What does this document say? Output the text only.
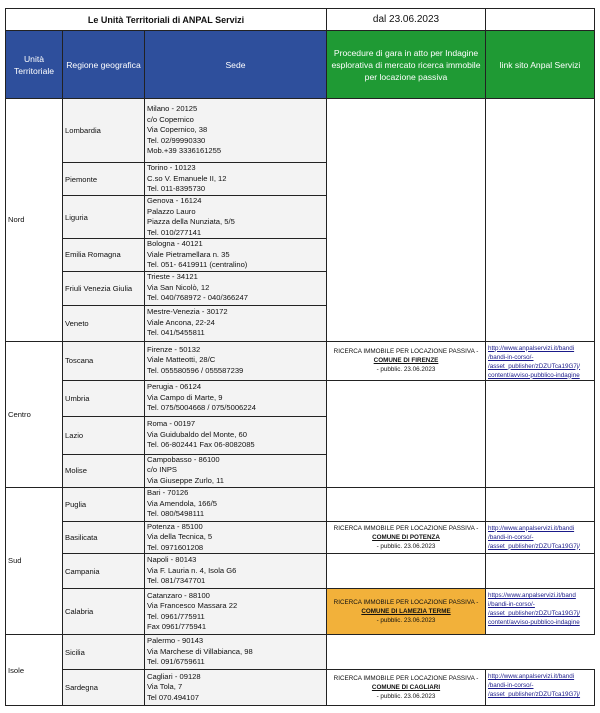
Le Unità Territoriali di ANPAL Servizi			dal 23.06.2023	
Unità Territoriale	Regione geografica	Sede	Procedure di gara in atto per Indagine esplorativa di mercato ricerca immobile per locazione passiva	link sito Anpal Servizi
Nord	Lombardia	Milano - 20125
c/o Copernico
Via Copernico, 38
Tel. 02/99990330
Mob.+39 3336161255		

	Piemonte	Torino - 10123
C.so V. Emanuele II, 12
Tel. 011-8395730		

	Liguria	Genova - 16124
Palazzo Lauro
Piazza della Nunziata, 5/5
Tel. 010/277141		

	Emilia Romagna	Bologna - 40121
Viale Pietramellara n. 35
Tel. 051- 6419911 (centralino)		

	Friuli Venezia Giulia	Trieste - 34121
Via San Nicolò, 12
Tel. 040/768972 - 040/366247		

	Veneto	Mestre-Venezia - 30172
Viale Ancona, 22-24
Tel. 041/5455811		

Centro	Toscana	Firenze - 50132
Viale Matteotti, 28/C
Tel. 055580596 / 055587239	RICERCA IMMOBILE PER LOCAZIONE PASSIVA -
COMUNE DI FIRENZE
- pubblic. 23.06.2023	http://www.anpalservizi.it/bandi
/bandi-in-corso/-
/asset_publisher/zDZUTca19G7j/
content/avviso-pubblico-indagine

	Umbria	Perugia - 06124
Via Campo di Marte, 9
Tel. 075/5004668 / 075/5006224		

	Lazio	Roma - 00197
Via Guidubaldo del Monte, 60
Tel. 06-802441 Fax 06-8082085		

	Molise	Campobasso - 86100
c/o INPS
Via Giuseppe Zurlo, 11		

Sud	Puglia	Bari - 70126
Via Amendola, 166/5
Tel. 080/5498111		

	Basilicata	Potenza - 85100
Via della Tecnica, 5
Tel. 0971601208	RICERCA IMMOBILE PER LOCAZIONE PASSIVA -
COMUNE DI POTENZA
- pubblic. 23.06.2023	http://www.anpalservizi.it/bandi
/bandi-in-corso/-
/asset_publisher/zDZUTca19G7j/

	Campania	Napoli - 80143
Via F. Lauria n. 4, Isola G6
Tel. 081/7347701		

	Calabria	Catanzaro - 88100
Via Francesco Massara 22
Tel. 0961/775911
Fax 0961/775941	RICERCA IMMOBILE PER LOCAZIONE PASSIVA -
COMUNE DI LAMEZIA TERME
- pubblic. 23.06.2023	https://www.anpalservizi.it/band
i/bandi-in-corso/-
/asset_publisher/zDZUTca19G7j/
content/avviso-pubblico-indagine

Isole	Sicilia	Palermo - 90143
Via Marchese di Villabianca, 98
Tel. 091/6759611		

	Sardegna	Cagliari - 09128
Via Tola, 7
Tel 070.494107	RICERCA IMMOBILE PER LOCAZIONE PASSIVA -
COMUNE DI CAGLIARI
- pubblic. 23.06.2023	http://www.anpalservizi.it/bandi
/bandi-in-corso/-
/asset_publisher/zDZUTca19G7j/
